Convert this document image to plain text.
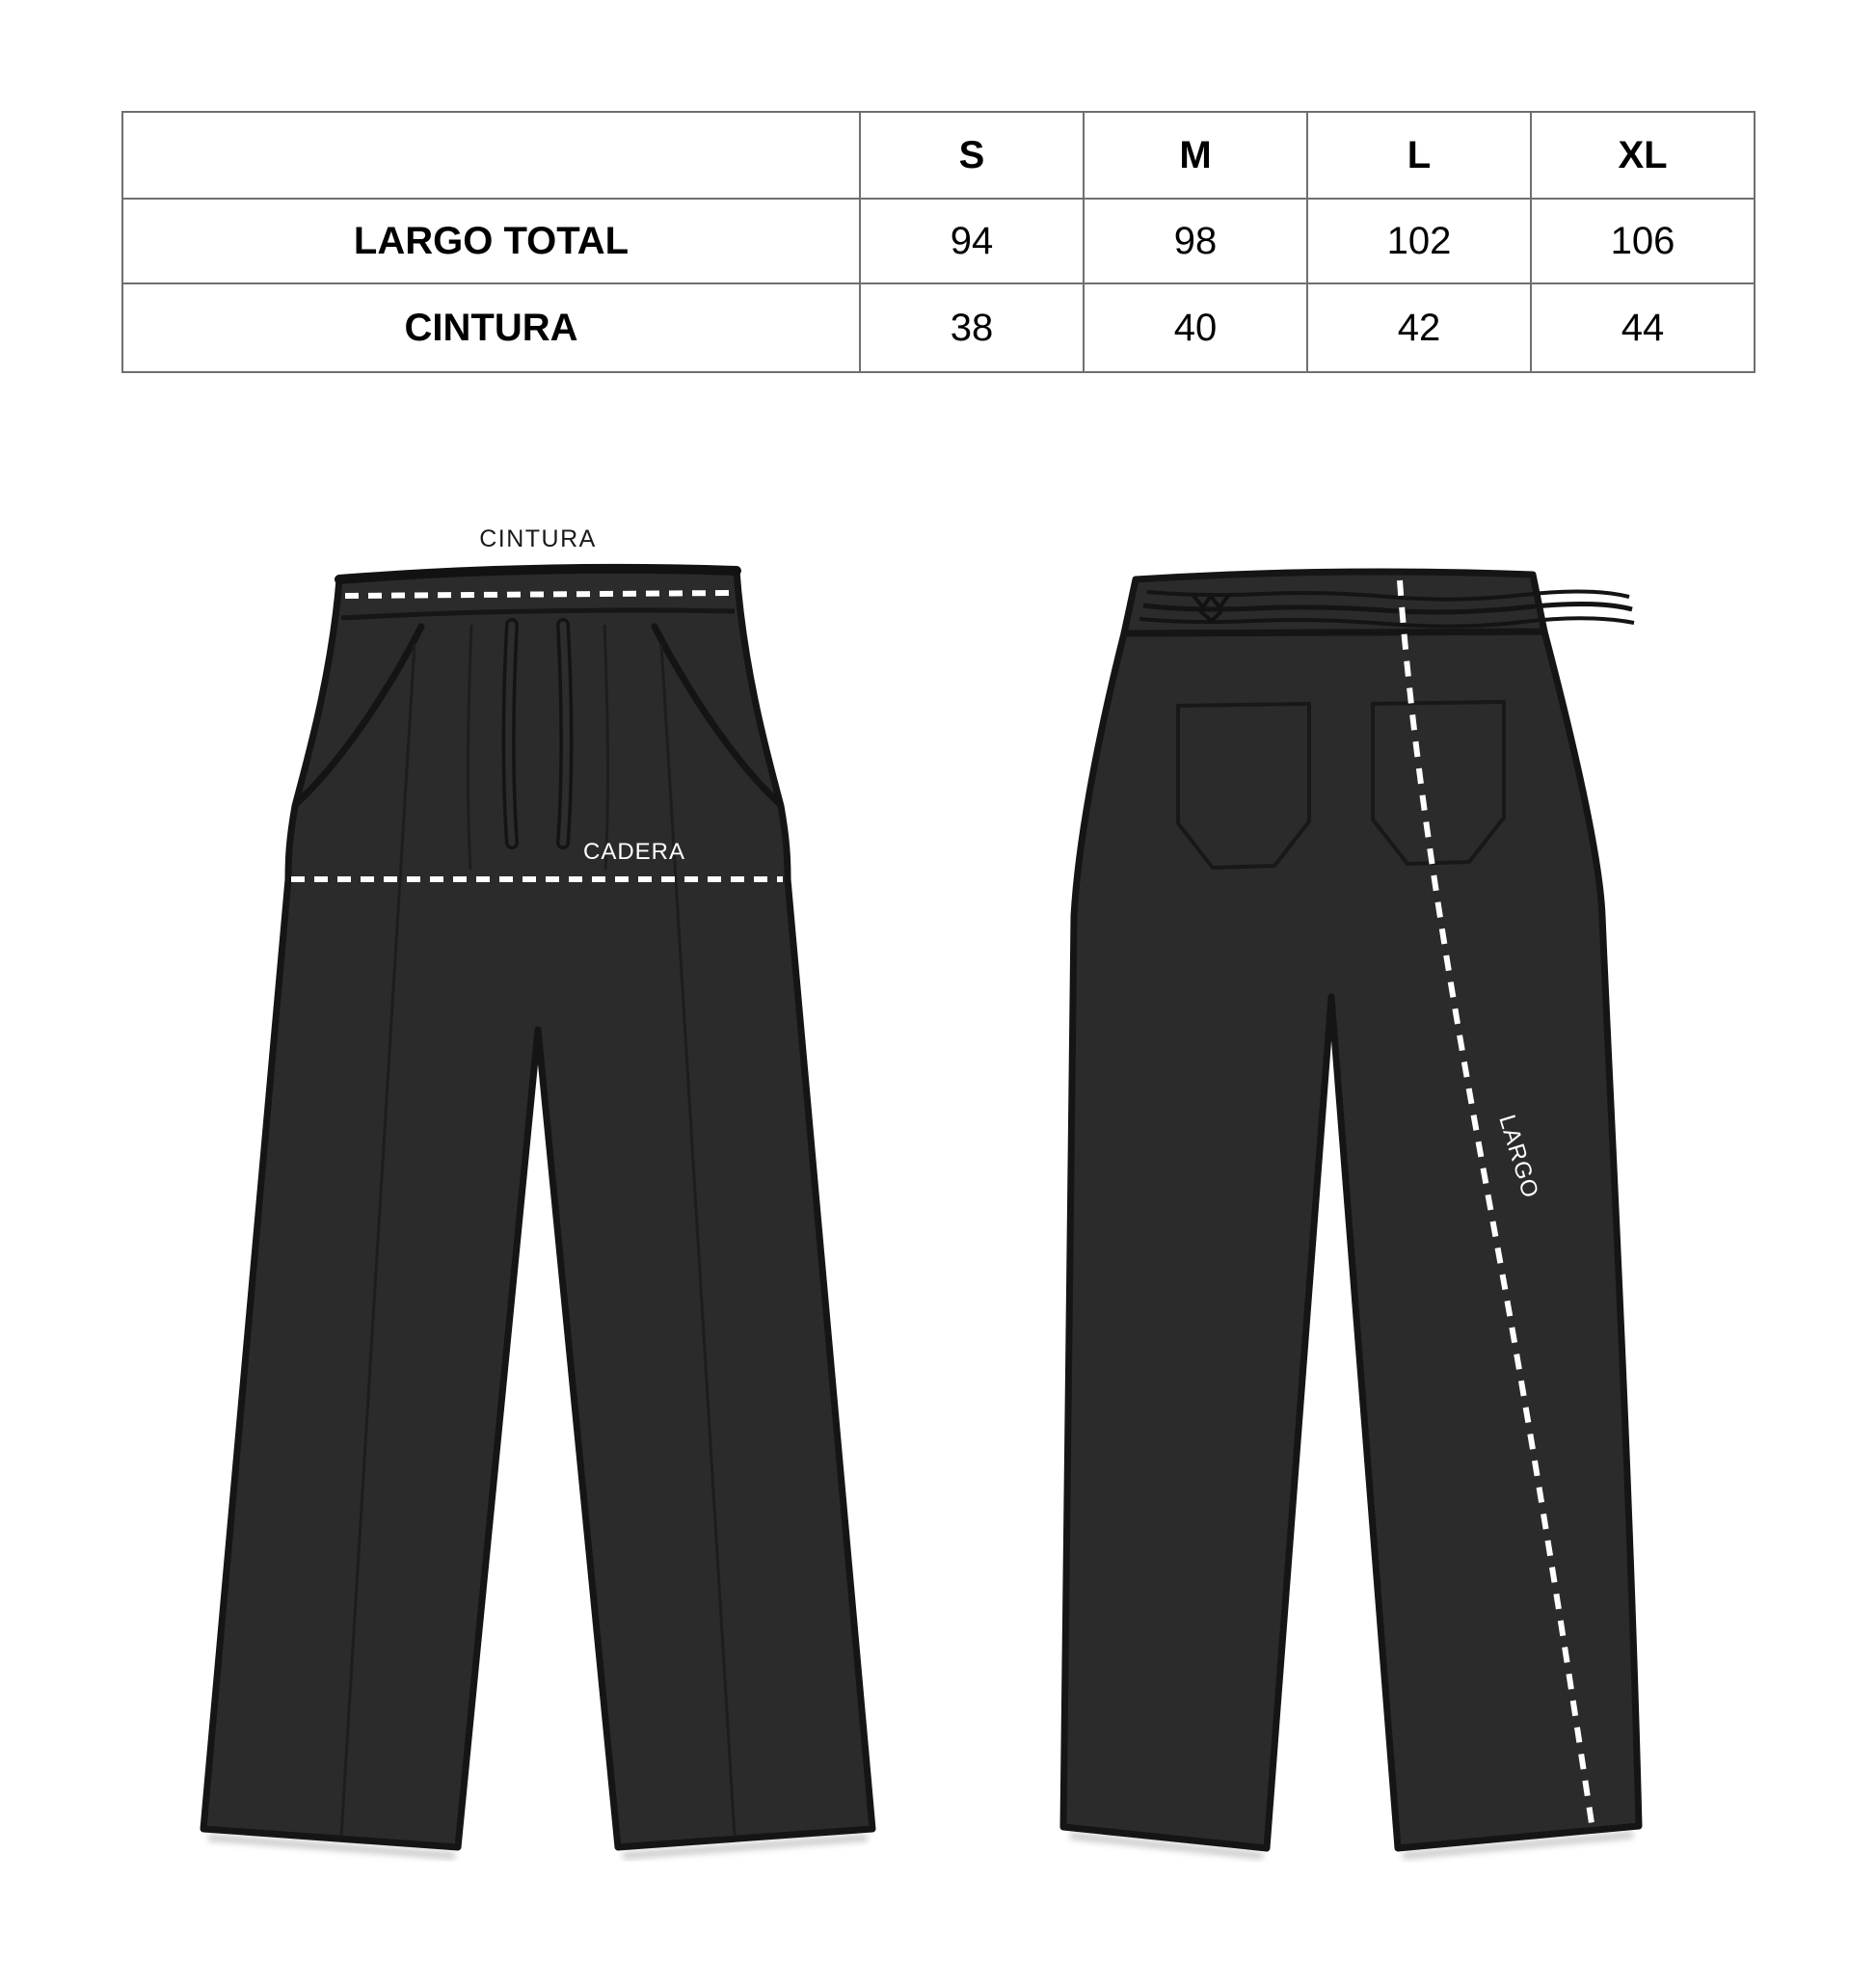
	S	M	L	XL
LARGO TOTAL	94	98	102	106
CINTURA	38	40	42	44
CINTURA
CADERA
LARGO
